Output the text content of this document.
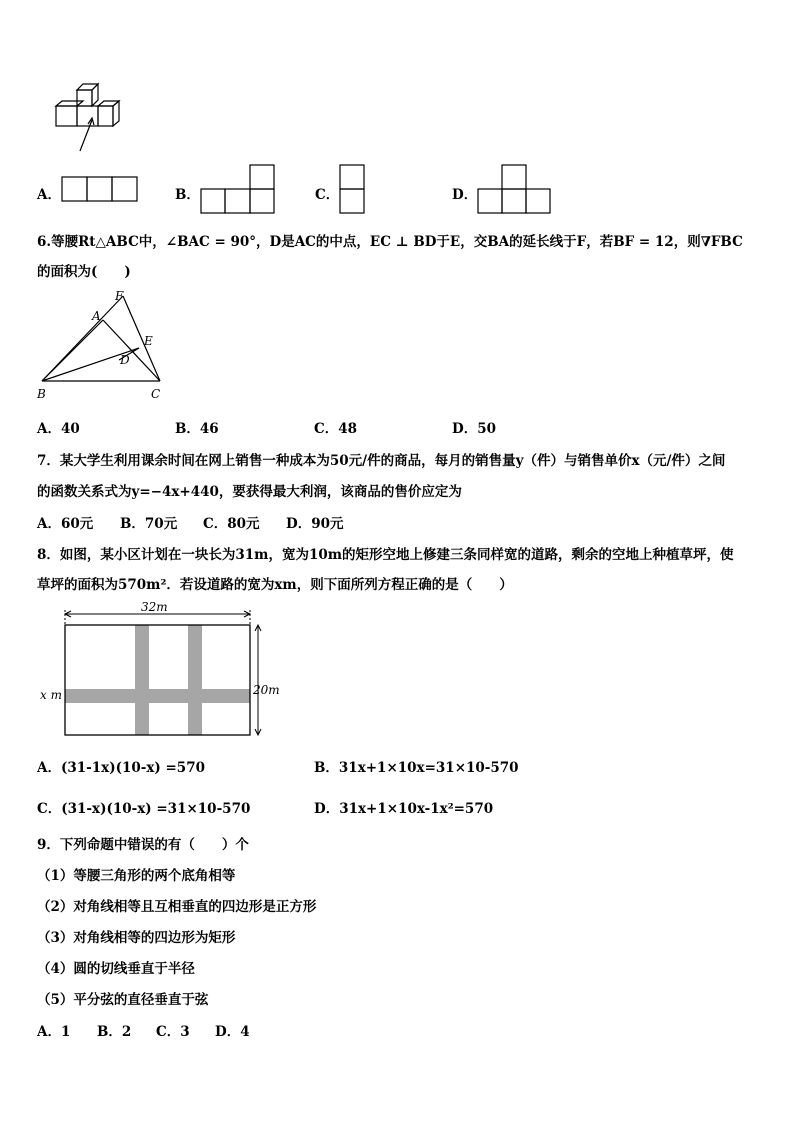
A．	B．	C．	D．
6.等腰Rt△ABC中，∠BAC = 90°，D是AC的中点，EC ⊥ BD于E，交BA的延长线于F，若BF = 12，则∇FBC
的面积为(　　)
F
A
E
D
B	C
A．40	B．46	C．48	D．50
7．某大学生利用课余时间在网上销售一种成本为50元/件的商品，每月的销售量y（件）与销售单价x（元/件）之间
的函数关系式为y=−4x+440，要获得最大利润，该商品的售价应定为
A．60元 B．70元 C．80元 D．90元
8．如图，某小区计划在一块长为31m，宽为10m的矩形空地上修建三条同样宽的道路，剩余的空地上种植草坪，使
草坪的面积为570m²．若设道路的宽为xm，则下面所列方程正确的是（　　）
32m
20m
x m
A．(31-1x)(10-x) =570	B．31x+1×10x=31×10-570
C．(31-x)(10-x) =31×10-570	D．31x+1×10x-1x²=570
9．下列命题中错误的有（　　）个
（1）等腰三角形的两个底角相等
（2）对角线相等且互相垂直的四边形是正方形
（3）对角线相等的四边形为矩形
（4）圆的切线垂直于半径
（5）平分弦的直径垂直于弦
A．1 B．2 C．3 D．4
